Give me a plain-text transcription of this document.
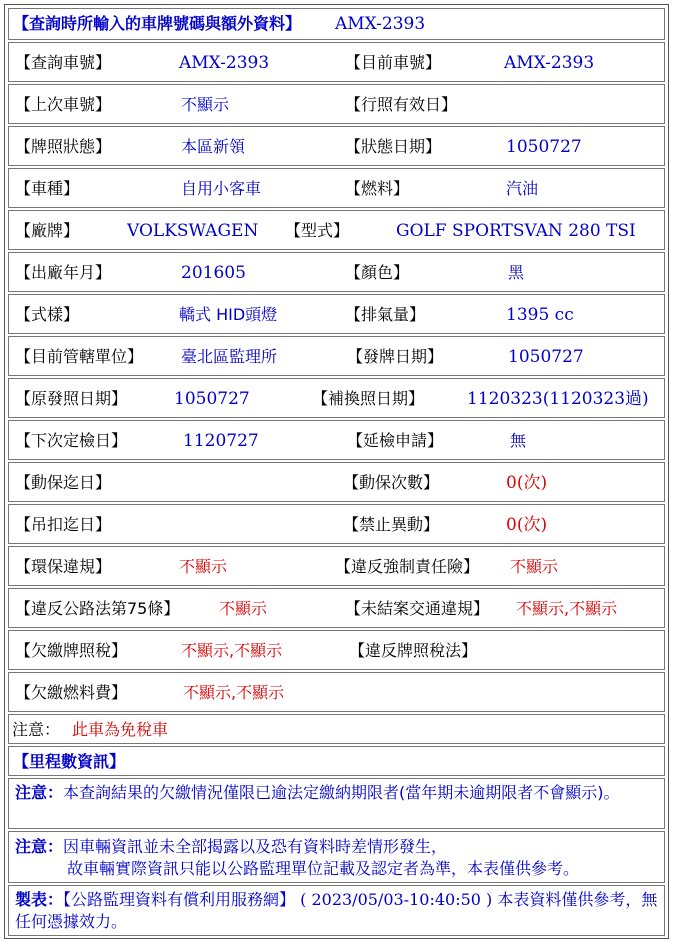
【查詢時所輸入的車牌號碼與額外資料】 AMX-2393
【查詢車號】	AMX-2393	【目前車號】	AMX-2393
【上次車號】	不顯示	【行照有效日】
【牌照狀態】	本區新領	【狀態日期】	1050727
【車種】	自用小客車	【燃料】	汽油
【廠牌】	VOLKSWAGEN 【型式】	GOLF SPORTSVAN 280 TSI
【出廠年月】	201605	【顏色】	黑
【式樣】	轎式 HID頭燈	【排氣量】	1395 cc
【目前管轄單位】 臺北區監理所	【發牌日期】	1050727
【原發照日期】	1050727	【補換照日期】	1120323(1120323過)
【下次定檢日】	1120727	【延檢申請】	無
【動保迄日】	【動保次數】	0(次)
【吊扣迄日】	【禁止異動】	0(次)
【環保違規】	不顯示	【違反強制責任險】 不顯示
【違反公路法第75條】 不顯示	【未結案交通違規】 不顯示,不顯示
【欠繳牌照稅】	不顯示,不顯示	【違反牌照稅法】
【欠繳燃料費】	不顯示,不顯示
注意： 此車為免稅車
【里程數資訊】
注意：本查詢結果的欠繳情況僅限已逾法定繳納期限者(當年期未逾期限者不會顯示)。
注意：因車輛資訊並未全部揭露以及恐有資料時差情形發生，
故車輛實際資訊只能以公路監理單位記載及認定者為準，本表僅供參考。
製表：【公路監理資料有償利用服務網】 ( 2023/05/03-10:40:50 ) 本表資料僅供參考，無任何憑據效力。
